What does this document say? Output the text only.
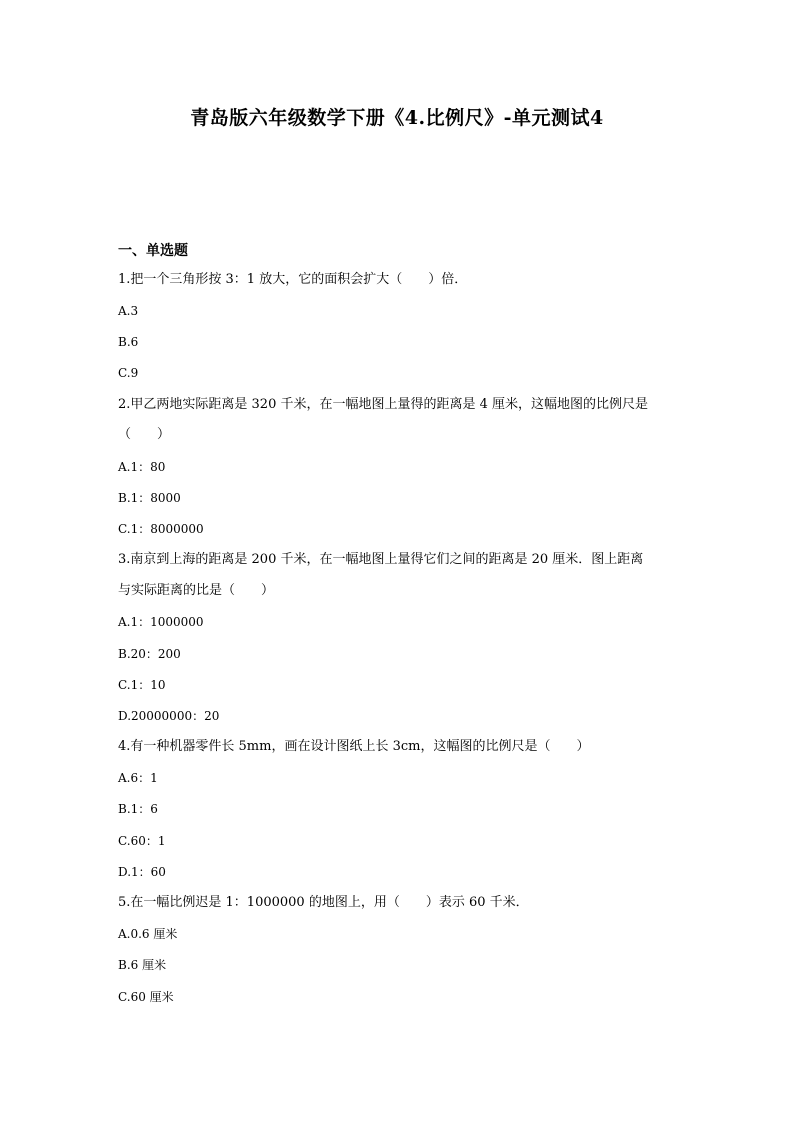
青岛版六年级数学下册《4.比例尺》-单元测试4
一、单选题
1.把一个三角形按 3：1 放大，它的面积会扩大（　　）倍．
A.3
B.6
C.9
2.甲乙两地实际距离是 320 千米，在一幅地图上量得的距离是 4 厘米，这幅地图的比例尺是
（　　）
A.1：80
B.1：8000
C.1：8000000
3.南京到上海的距离是 200 千米，在一幅地图上量得它们之间的距离是 20 厘米．图上距离
与实际距离的比是（　　）
A.1：1000000
B.20：200
C.1：10
D.20000000：20
4.有一种机器零件长 5mm，画在设计图纸上长 3cm，这幅图的比例尺是（　　）
A.6：1
B.1：6
C.60：1
D.1：60
5.在一幅比例迟是 1：1000000 的地图上，用（　　）表示 60 千米．
A.0.6 厘米
B.6 厘米
C.60 厘米
